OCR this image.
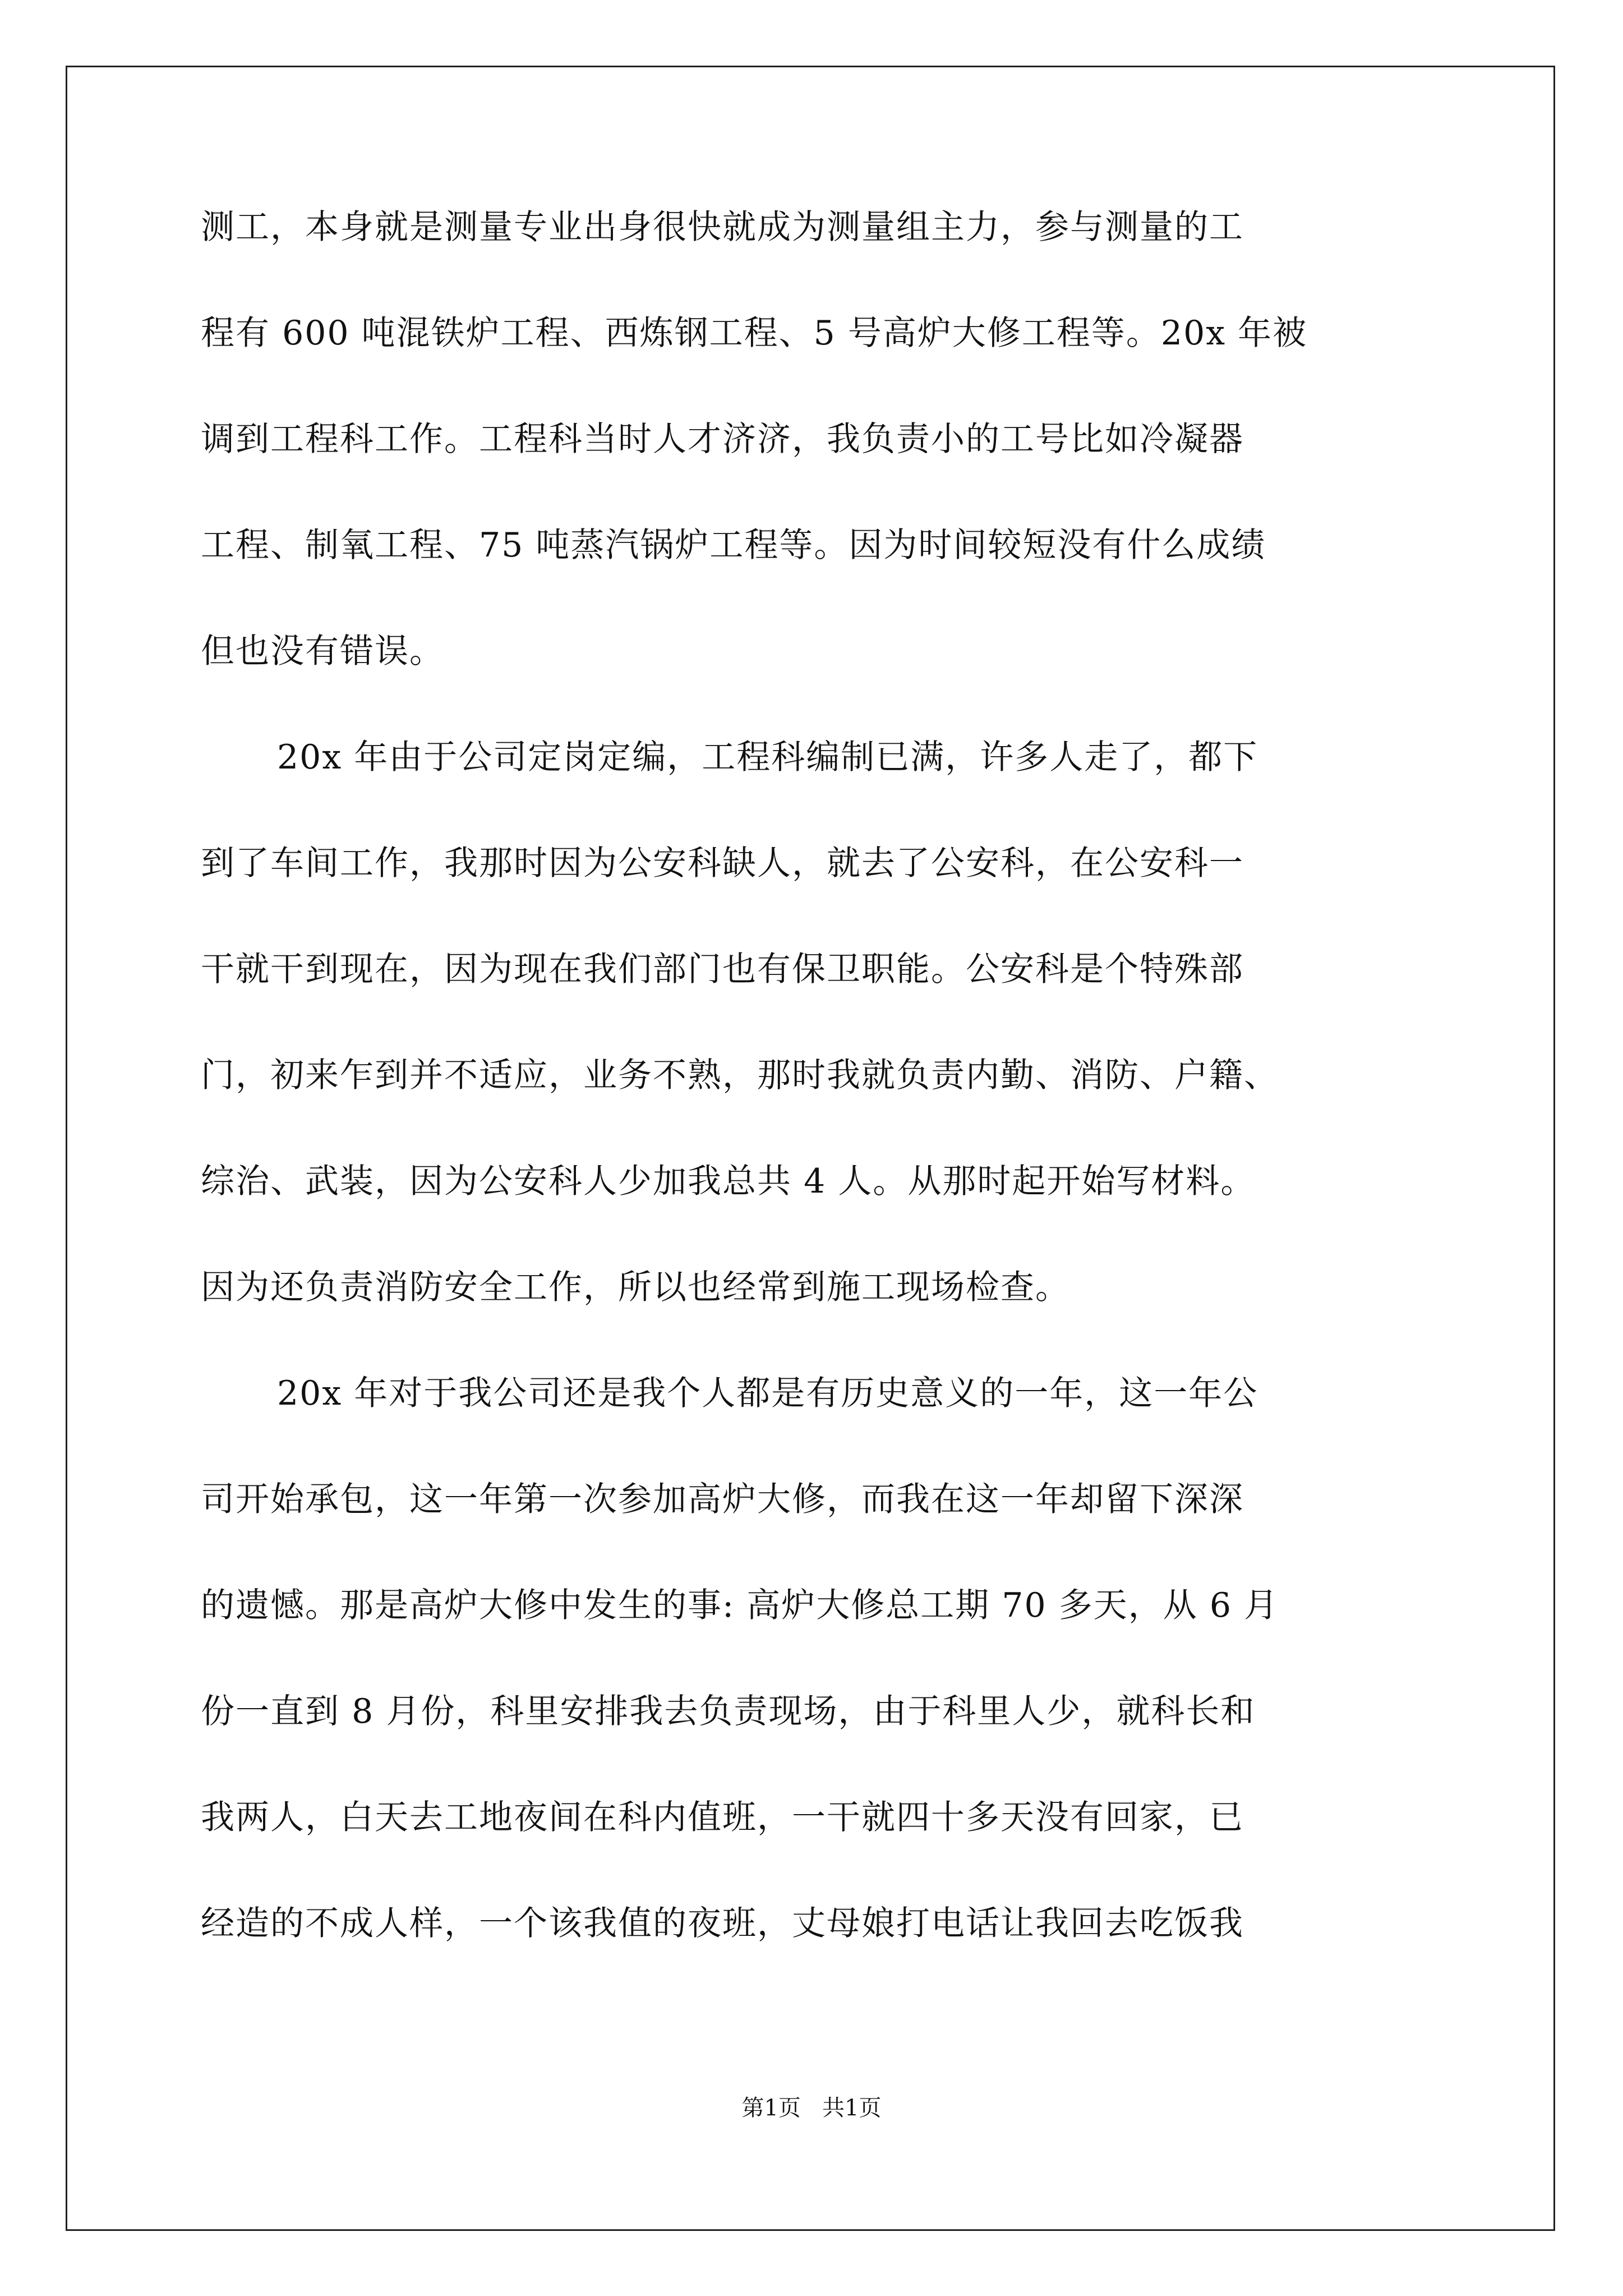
测工，本身就是测量专业出身很快就成为测量组主力，参与测量的工
程有 600 吨混铁炉工程、西炼钢工程、5 号高炉大修工程等。20x 年被
调到工程科工作。工程科当时人才济济，我负责小的工号比如冷凝器
工程、制氧工程、75 吨蒸汽锅炉工程等。因为时间较短没有什么成绩
但也没有错误。
20x 年由于公司定岗定编，工程科编制已满，许多人走了，都下
到了车间工作，我那时因为公安科缺人，就去了公安科，在公安科一
干就干到现在，因为现在我们部门也有保卫职能。公安科是个特殊部
门，初来乍到并不适应，业务不熟，那时我就负责内勤、消防、户籍、
综治、武装，因为公安科人少加我总共 4 人。从那时起开始写材料。
因为还负责消防安全工作，所以也经常到施工现场检查。
20x 年对于我公司还是我个人都是有历史意义的一年，这一年公
司开始承包，这一年第一次参加高炉大修，而我在这一年却留下深深
的遗憾。那是高炉大修中发生的事: 高炉大修总工期 70 多天，从 6 月
份一直到 8 月份，科里安排我去负责现场，由于科里人少，就科长和
我两人，白天去工地夜间在科内值班，一干就四十多天没有回家，已
经造的不成人样，一个该我值的夜班，丈母娘打电话让我回去吃饭我
第1页   共1页
